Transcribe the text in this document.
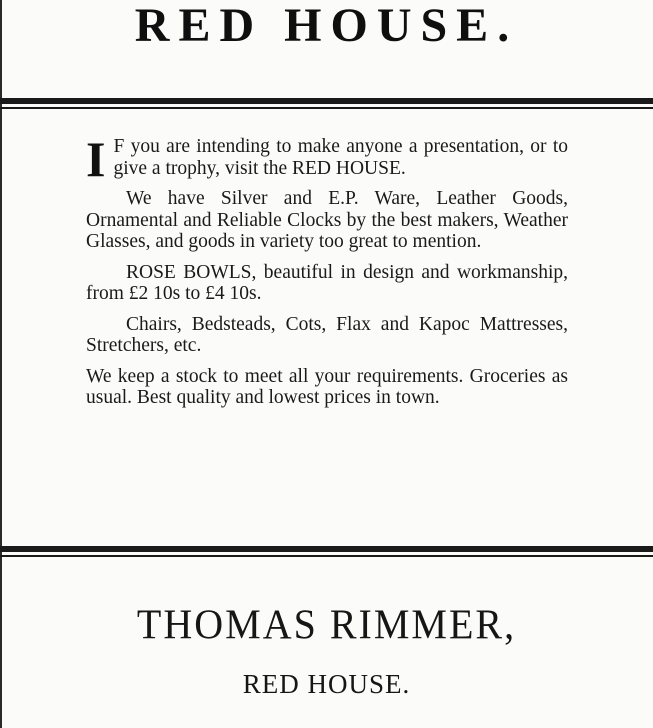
RED HOUSE.

I F you are intending to make anyone a presentation, or to give a trophy, visit the RED HOUSE.

We have Silver and E.P. Ware, Leather Goods, Ornamental and Reliable Clocks by the best makers, Weather Glasses, and goods in variety too great to mention.

ROSE BOWLS, beautiful in design and workmanship, from £2 10s to £4 10s.

Chairs, Bedsteads, Cots, Flax and Kapoc Mattresses, Stretchers, etc.

We keep a stock to meet all your requirements. Groceries as usual. Best quality and lowest prices in town.

THOMAS RIMMER,
RED HOUSE.
